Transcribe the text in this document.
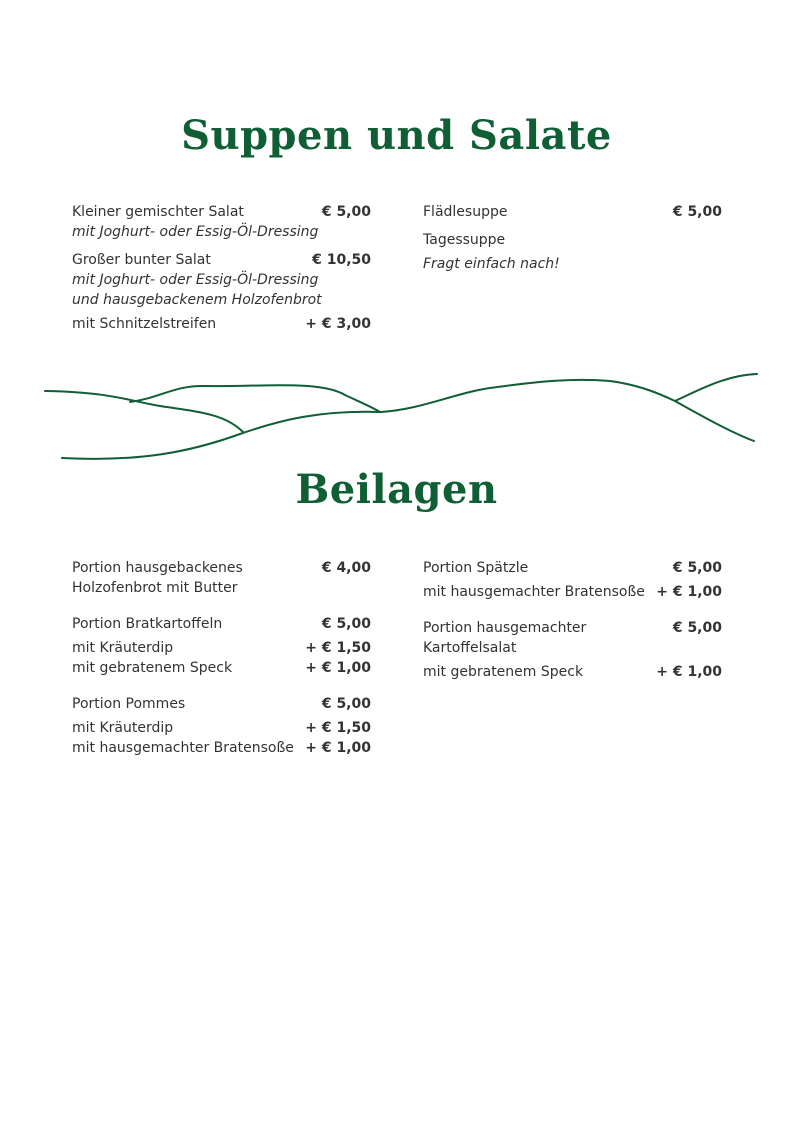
Suppen und Salate
Kleiner gemischter Salat	€ 5,00
mit Joghurt- oder Essig-Öl-Dressing
Großer bunter Salat	€ 10,50
mit Joghurt- oder Essig-Öl-Dressing
und hausgebackenem Holzofenbrot
mit Schnitzelstreifen	+ € 3,00
Flädlesuppe	€ 5,00
Tagessuppe
Fragt einfach nach!
Beilagen
Portion hausgebackenes	€ 4,00
Holzofenbrot mit Butter
Portion Bratkartoffeln	€ 5,00
mit Kräuterdip	+ € 1,50
mit gebratenem Speck	+ € 1,00
Portion Pommes	€ 5,00
mit Kräuterdip	+ € 1,50
mit hausgemachter Bratensoße + € 1,00
Portion Spätzle	€ 5,00
mit hausgemachter Bratensoße + € 1,00
Portion hausgemachter	€ 5,00
Kartoffelsalat
mit gebratenem Speck	+ € 1,00
